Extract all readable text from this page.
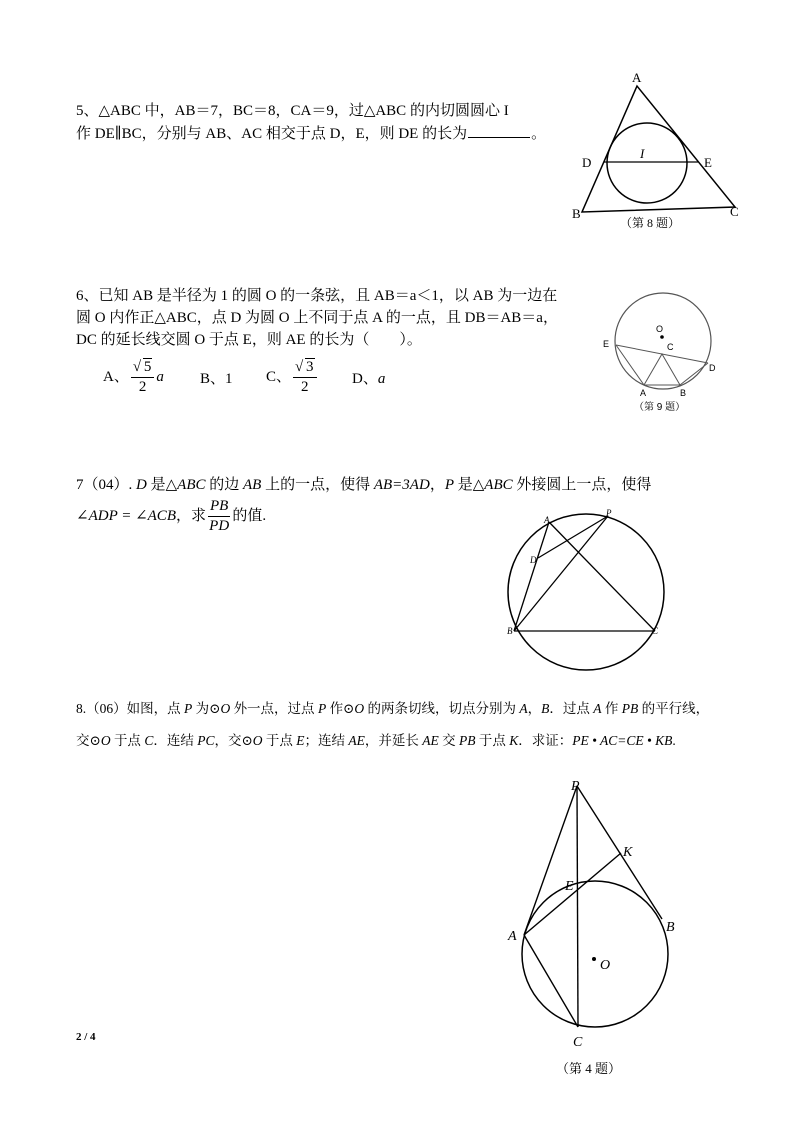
5、△ABC 中，AB＝7，BC＝8，CA＝9，过△ABC 的内切圆圆心 I
作 DE∥BC，分别与 AB、AC 相交于点 D，E，则 DE 的长为	。
A
B	C
D	E
I
（第 8 题）
6、已知 AB 是半径为 1 的圆 O 的一条弦，且 AB＝a＜1，以 AB 为一边在
圆 O 内作正△ABC，点 D 为圆 O 上不同于点 A 的一点，且 DB＝AB＝a，
DC 的延长线交圆 O 于点 E，则 AE 的长为（　　）。
A、 $\frac{√ 5}{2}$ a B、1 C、 $\frac{√ 3}{2}$ D、a
O
C
E
D
A	B
（第 9 题）
7（04）. D 是△ABC 的边 AB 上的一点，使得 AB=3AD，P 是△ABC 外接圆上一点，使得
∠ADP = ∠ACB，求 $\frac{PB}{PD}$ 的值.	A
P
D
B	C
8.（06）如图，点 P 为⊙O 外一点，过点 P 作⊙O 的两条切线，切点分别为 A，B．过点 A 作 PB 的平行线，
交⊙O 于点 C．连结 PC，交⊙O 于点 E；连结 AE，并延长 AE 交 PB 于点 K．求证：PE • AC=CE • KB.
P
K
E
A
B
O
C
（第 4 题）
2 / 4
